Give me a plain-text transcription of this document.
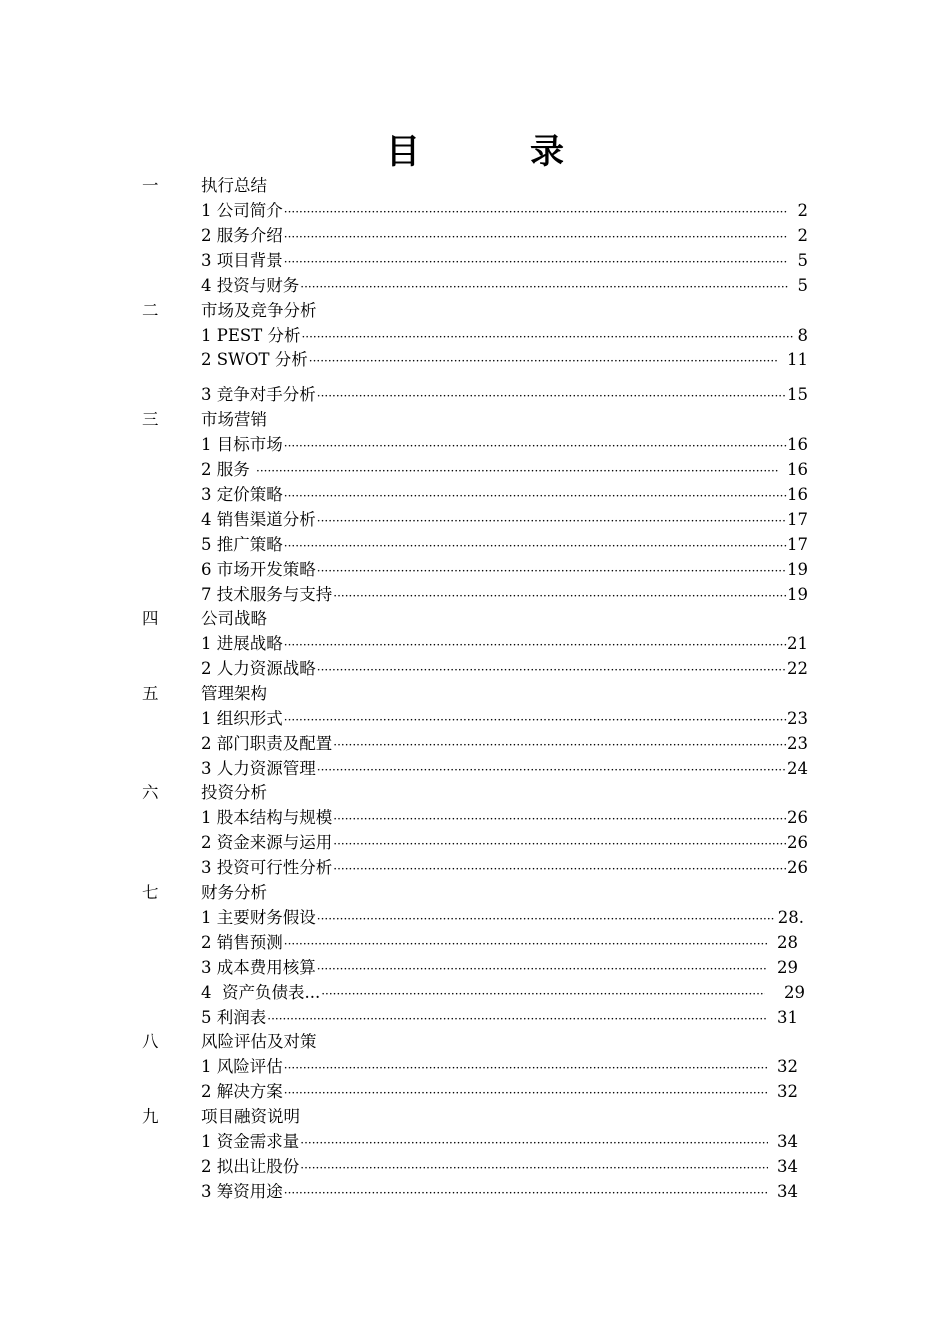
目	录
一	执行总结
1 公司简介 ·····	2
2 服务介绍 ·····	2
3 项目背景 ·····	5
4 投资与财务 ·····	5
二	市场及竞争分析
1 PEST 分析 ·····	8
2 SWOT 分析 ·····	11
3 竞争对手分析 ·····	15
三	市场营销
1 目标市场 ·····	16
2 服务 ·····	16
3 定价策略 ·····	16
4 销售渠道分析 ·····	17
5 推广策略 ·····	17
6 市场开发策略 ·····	19
7 技术服务与支持 ·····	19
四	公司战略
1 进展战略 ·····	21
2 人力资源战略 ·····	22
五	管理架构
1 组织形式 ·····	23
2 部门职责及配置 ·····	23
3 人力资源管理 ·····	24
六	投资分析
1 股本结构与规模 ·····	26
2 资金来源与运用 ·····	26
3 投资可行性分析 ·····	26
七	财务分析
1 主要财务假设 ·····	28.
2 销售预测 ·····	28
3 成本费用核算 ·····	29
4  资产负债表... ·····	29
5 利润表 ·····	31
八	风险评估及对策
1 风险评估 ·····	32
2 解决方案 ·····	32
九	项目融资说明
1 资金需求量 ·····	34
2 拟出让股份 ·····	34
3 筹资用途 ·····	34
